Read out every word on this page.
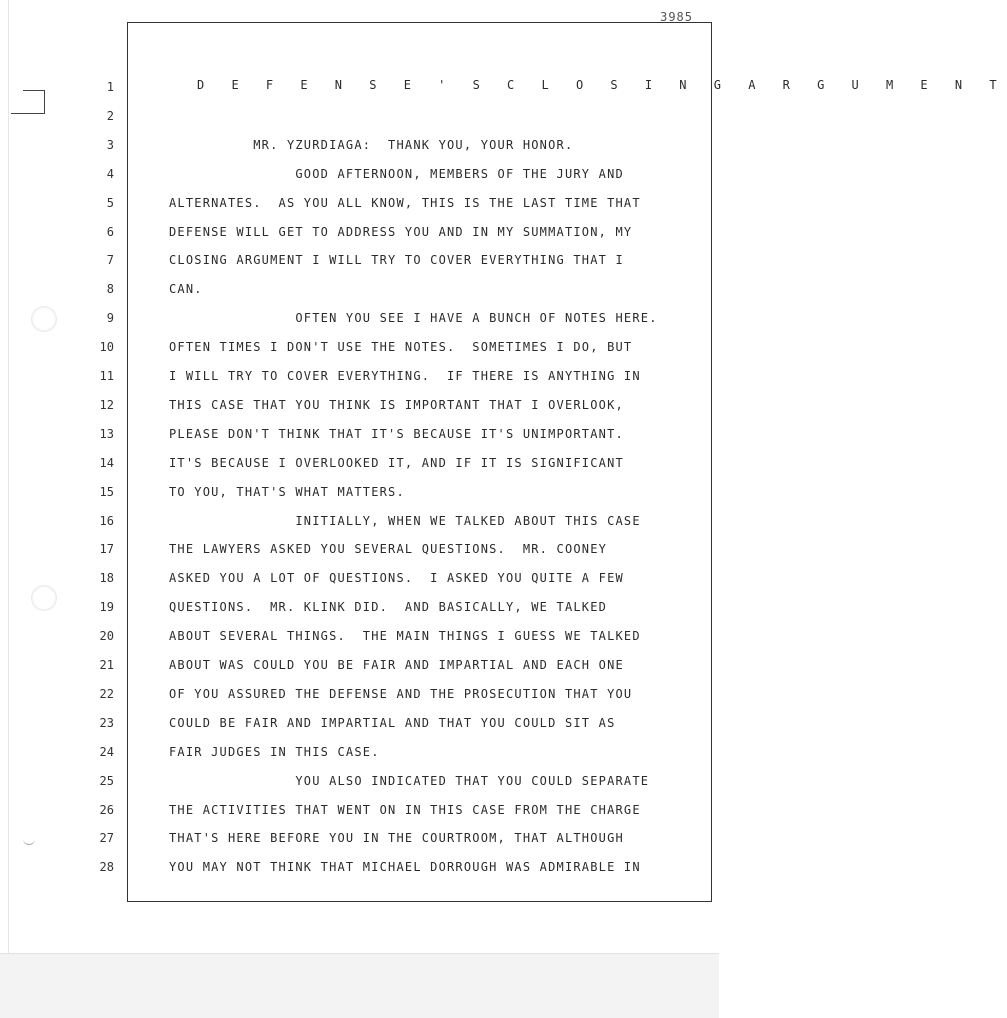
3985
D E F E N S E ' S C L O S I N G A R G U M E N T
1
2
3	MR. YZURDIAGA:  THANK YOU, YOUR HONOR.
4	GOOD AFTERNOON, MEMBERS OF THE JURY AND
5	ALTERNATES.  AS YOU ALL KNOW, THIS IS THE LAST TIME THAT
6	DEFENSE WILL GET TO ADDRESS YOU AND IN MY SUMMATION, MY
7	CLOSING ARGUMENT I WILL TRY TO COVER EVERYTHING THAT I
8	CAN.
9	OFTEN YOU SEE I HAVE A BUNCH OF NOTES HERE.
10	OFTEN TIMES I DON'T USE THE NOTES.  SOMETIMES I DO, BUT
11	I WILL TRY TO COVER EVERYTHING.  IF THERE IS ANYTHING IN
12	THIS CASE THAT YOU THINK IS IMPORTANT THAT I OVERLOOK,
13	PLEASE DON'T THINK THAT IT'S BECAUSE IT'S UNIMPORTANT.
14	IT'S BECAUSE I OVERLOOKED IT, AND IF IT IS SIGNIFICANT
15	TO YOU, THAT'S WHAT MATTERS.
16	INITIALLY, WHEN WE TALKED ABOUT THIS CASE
17	THE LAWYERS ASKED YOU SEVERAL QUESTIONS.  MR. COONEY
18	ASKED YOU A LOT OF QUESTIONS.  I ASKED YOU QUITE A FEW
19	QUESTIONS.  MR. KLINK DID.  AND BASICALLY, WE TALKED
20	ABOUT SEVERAL THINGS.  THE MAIN THINGS I GUESS WE TALKED
21	ABOUT WAS COULD YOU BE FAIR AND IMPARTIAL AND EACH ONE
22	OF YOU ASSURED THE DEFENSE AND THE PROSECUTION THAT YOU
23	COULD BE FAIR AND IMPARTIAL AND THAT YOU COULD SIT AS
24	FAIR JUDGES IN THIS CASE.
25	YOU ALSO INDICATED THAT YOU COULD SEPARATE
26	THE ACTIVITIES THAT WENT ON IN THIS CASE FROM THE CHARGE
27	THAT'S HERE BEFORE YOU IN THE COURTROOM, THAT ALTHOUGH
28	YOU MAY NOT THINK THAT MICHAEL DORROUGH WAS ADMIRABLE IN
